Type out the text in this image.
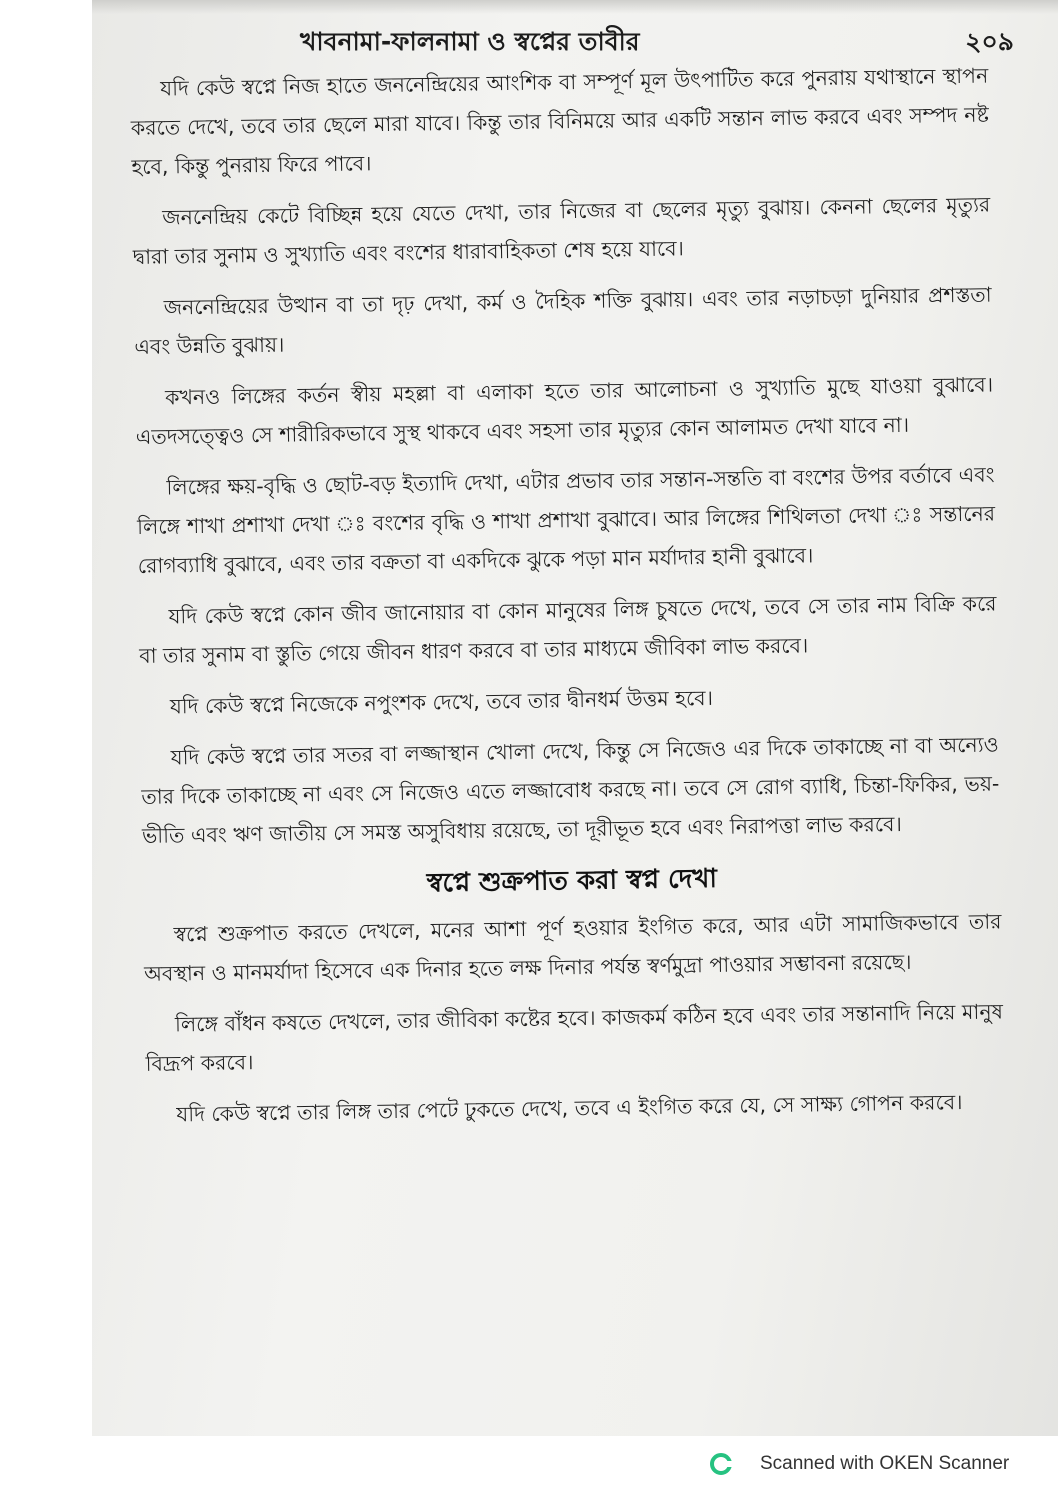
খাবনামা-ফালনামা ও স্বপ্নের তাবীর	২০৯

যদি কেউ স্বপ্নে নিজ হাতে জননেন্দ্রিয়ের আংশিক বা সম্পূর্ণ মূল উৎপাটিত করে পুনরায় যথাস্থানে স্থাপন করতে দেখে, তবে তার ছেলে মারা যাবে। কিন্তু তার বিনিময়ে আর একটি সন্তান লাভ করবে এবং সম্পদ নষ্ট হবে, কিন্তু পুনরায় ফিরে পাবে।

জননেন্দ্রিয় কেটে বিচ্ছিন্ন হয়ে যেতে দেখা, তার নিজের বা ছেলের মৃত্যু বুঝায়। কেননা ছেলের মৃত্যুর দ্বারা তার সুনাম ও সুখ্যাতি এবং বংশের ধারাবাহিকতা শেষ হয়ে যাবে।

জননেন্দ্রিয়ের উত্থান বা তা দৃঢ় দেখা, কর্ম ও দৈহিক শক্তি বুঝায়। এবং তার নড়াচড়া দুনিয়ার প্রশস্ততা এবং উন্নতি বুঝায়।

কখনও লিঙ্গের কর্তন স্বীয় মহল্লা বা এলাকা হতে তার আলোচনা ও সুখ্যাতি মুছে যাওয়া বুঝাবে। এতদসত্ত্বেও সে শারীরিকভাবে সুস্থ থাকবে এবং সহসা তার মৃত্যুর কোন আলামত দেখা যাবে না।

লিঙ্গের ক্ষয়-বৃদ্ধি ও ছোট-বড় ইত্যাদি দেখা, এটার প্রভাব তার সন্তান-সন্ততি বা বংশের উপর বর্তাবে এবং লিঙ্গে শাখা প্রশাখা দেখা ঃ বংশের বৃদ্ধি ও শাখা প্রশাখা বুঝাবে। আর লিঙ্গের শিথিলতা দেখা ঃ সন্তানের রোগব্যাধি বুঝাবে, এবং তার বক্রতা বা একদিকে ঝুকে পড়া মান মর্যাদার হানী বুঝাবে।

যদি কেউ স্বপ্নে কোন জীব জানোয়ার বা কোন মানুষের লিঙ্গ চুষতে দেখে, তবে সে তার নাম বিক্রি করে বা তার সুনাম বা স্তুতি গেয়ে জীবন ধারণ করবে বা তার মাধ্যমে জীবিকা লাভ করবে।

যদি কেউ স্বপ্নে নিজেকে নপুংশক দেখে, তবে তার দ্বীনধর্ম উত্তম হবে।

যদি কেউ স্বপ্নে তার সতর বা লজ্জাস্থান খোলা দেখে, কিন্তু সে নিজেও এর দিকে তাকাচ্ছে না বা অন্যেও তার দিকে তাকাচ্ছে না এবং সে নিজেও এতে লজ্জাবোধ করছে না। তবে সে রোগ ব্যাধি, চিন্তা-ফিকির, ভয়-ভীতি এবং ঋণ জাতীয় সে সমস্ত অসুবিধায় রয়েছে, তা দূরীভূত হবে এবং নিরাপত্তা লাভ করবে।

স্বপ্নে শুক্রপাত করা স্বপ্ন দেখা

স্বপ্নে শুক্রপাত করতে দেখলে, মনের আশা পূর্ণ হওয়ার ইংগিত করে, আর এটা সামাজিকভাবে তার অবস্থান ও মানমর্যাদা হিসেবে এক দিনার হতে লক্ষ দিনার পর্যন্ত স্বর্ণমুদ্রা পাওয়ার সম্ভাবনা রয়েছে।

লিঙ্গে বাঁধন কষতে দেখলে, তার জীবিকা কষ্টের হবে। কাজকর্ম কঠিন হবে এবং তার সন্তানাদি নিয়ে মানুষ বিদ্রূপ করবে।

যদি কেউ স্বপ্নে তার লিঙ্গ তার পেটে ঢুকতে দেখে, তবে এ ইংগিত করে যে, সে সাক্ষ্য গোপন করবে।

Scanned with OKEN Scanner
